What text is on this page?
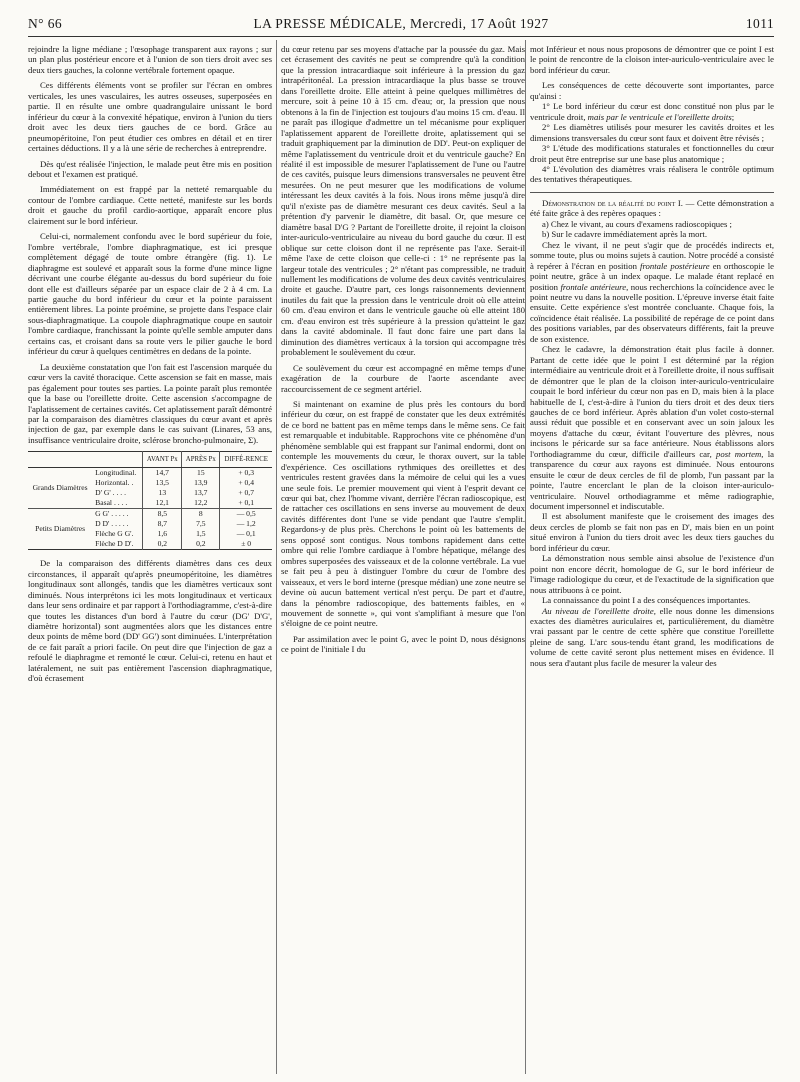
N° 66	LA PRESSE MÉDICALE, Mercredi, 17 Août 1927	1011

rejoindre la ligne médiane ; l'œsophage transparent aux rayons ; sur un plan plus postérieur encore et à l'union de son tiers droit avec ses deux tiers gauches, la colonne vertébrale fortement opaque.

Ces différents éléments vont se profiler sur l'écran en ombres verticales, les unes vasculaires, les autres osseuses, superposées en partie. Il en résulte une ombre quadrangulaire unissant le bord inférieur du cœur à la convexité hépatique, environ à l'union du tiers droit avec les deux tiers gauches de ce bord. Grâce au pneumopéritoine, l'on peut étudier ces ombres en détail et en tirer certaines déductions. Il y a là une série de recherches à entreprendre.

Dès qu'est réalisée l'injection, le malade peut être mis en position debout et l'examen est pratiqué.

Immédiatement on est frappé par la netteté remarquable du contour de l'ombre cardiaque. Cette netteté, manifeste sur les bords droit et gauche du profil cardio-aortique, apparaît encore plus clairement sur le bord inférieur.

Celui-ci, normalement confondu avec le bord supérieur du foie, l'ombre vertébrale, l'ombre diaphragmatique, est ici presque complètement dégagé de toute ombre étrangère (fig. 1). Le diaphragme est soulevé et apparaît sous la forme d'une mince ligne décrivant une courbe élégante au-dessus du bord supérieur du foie dont elle est d'ailleurs séparée par un espace clair de 2 à 4 cm. La partie gauche du bord inférieur du cœur et la pointe paraissent entièrement libres. La pointe proémine, se projette dans l'espace clair sous-diaphragmatique. La coupole diaphragmatique coupe en sautoir l'ombre cardiaque, franchissant la pointe qu'elle semble amputer dans certains cas, et croisant dans sa route vers le pilier gauche le bord inférieur du cœur à quelques centimètres en dedans de la pointe.

La deuxième constatation que l'on fait est l'ascension marquée du cœur vers la cavité thoracique. Cette ascension se fait en masse, mais pas également pour toutes ses parties. La pointe paraît plus remontée que la base ou l'oreillette droite. Cette ascension s'accompagne de l'aplatissement de certaines cavités. Cet aplatissement paraît démontré par la comparaison des diamètres classiques du cœur avant et après injection de gaz, par exemple dans le cas suivant (Linares, 53 ans, insuffisance ventriculaire droite, sclérose broncho-pulmonaire, Σ).

		AVANT Px	APRÈS Px	DIFFÉ-RENCE
Grands Diamètres	Longitudinal.	14,7	15	+ 0,3
	Horizontal. .	13,5	13,9	+ 0,4
	D' G' . . . .	13	13,7	+ 0,7
	Basal . . . .	12,1	12,2	+ 0,1
Petits Diamètres	G G' . . . . .	8,5	8	— 0,5
	D D' . . . . .	8,7	7,5	— 1,2
	Flèche G G'.	1,6	1,5	— 0,1
	Flèche D D'.	0,2	0,2	± 0

De la comparaison des différents diamètres dans ces deux circonstances, il apparaît qu'après pneumopéritoine, les diamètres longitudinaux sont allongés, tandis que les diamètres verticaux sont diminués. Nous interprétons ici les mots longitudinaux et verticaux dans leur sens ordinaire et par rapport à l'orthodiagramme, c'est-à-dire que toutes les distances d'un bord à l'autre du cœur (DG' D'G', diamètre horizontal) sont augmentées alors que les distances entre deux points de même bord (DD' GG') sont diminuées. L'interprétation de ce fait paraît a priori facile. On peut dire que l'injection de gaz a refoulé le diaphragme et remonté le cœur. Celui-ci, retenu en haut et latéralement, ne suit pas entièrement l'ascension diaphragmatique, d'où écrasement

du cœur retenu par ses moyens d'attache par la poussée du gaz. Mais cet écrasement des cavités ne peut se comprendre qu'à la condition que la pression intracardiaque soit inférieure à la pression du gaz intrapéritonéal. La pression intracardiaque la plus basse se trouve dans l'oreillette droite. Elle atteint à peine quelques millimètres de mercure, soit à peine 10 à 15 cm. d'eau; or, la pression que nous obtenons à la fin de l'injection est toujours d'au moins 15 cm. d'eau. Il ne paraît pas illogique d'admettre un tel mécanisme pour expliquer l'aplatissement apparent de l'oreillette droite, aplatissement qui se traduit graphiquement par la diminution de DD'. Peut-on expliquer de même l'aplatissement du ventricule droit et du ventricule gauche? En réalité il est impossible de mesurer l'aplatissement de l'une ou l'autre de ces cavités, puisque leurs dimensions transversales ne peuvent être mesurées. On ne peut mesurer que les modifications de volume intéressant les deux cavités à la fois. Nous irons même jusqu'à dire qu'il n'existe pas de diamètre mesurant ces deux cavités. Seul a la prétention d'y parvenir le diamètre, dit basal. Or, que mesure ce diamètre basal D'G ? Partant de l'oreillette droite, il rejoint la cloison inter-auriculo-ventriculaire au niveau du bord gauche du cœur. Il est oblique sur cette cloison dont il ne représente pas l'axe. Serait-il même l'axe de cette cloison que celle-ci : 1° ne représente pas la largeur totale des ventricules ; 2° n'étant pas compressible, ne traduit nullement les modifications de volume des deux cavités ventriculaires droite et gauche. D'autre part, ces longs raisonnements deviennent inutiles du fait que la pression dans le ventricule droit où elle atteint 60 cm. d'eau environ et dans le ventricule gauche où elle atteint 180 cm. d'eau environ est très supérieure à la pression qu'atteint le gaz dans la cavité abdominale. Il faut donc faire une part dans la diminution des diamètres verticaux à la torsion qui accompagne très probablement le soulèvement du cœur.

Ce soulèvement du cœur est accompagné en même temps d'une exagération de la courbure de l'aorte ascendante avec raccourcissement de ce segment artériel.

Si maintenant on examine de plus près les contours du bord inférieur du cœur, on est frappé de constater que les deux extrémités de ce bord ne battent pas en même temps dans le même sens. Ce fait est remarquable et indubitable. Rapprochons vite ce phénomène d'un phénomène semblable qui est frappant sur l'animal endormi, dont on contemple les mouvements du cœur, le thorax ouvert, sur la table d'expérience. Ces oscillations rythmiques des oreillettes et des ventricules restent gravées dans la mémoire de celui qui les a vues une seule fois. Le premier mouvement qui vient à l'esprit devant ce cœur qui bat, chez l'homme vivant, derrière l'écran radioscopique, est de rattacher ces oscillations en sens inverse au mouvement de deux cavités différentes dont l'une se vide pendant que l'autre s'emplit. Regardons-y de plus près. Cherchons le point où les battements de sens opposé sont contigus. Nous tombons rapidement dans cette ombre qui relie l'ombre cardiaque à l'ombre hépatique, mélange des ombres superposées des vaisseaux et de la colonne vertébrale. La vue se fait peu à peu à distinguer l'ombre du cœur de l'ombre des vaisseaux, et vers le bord interne (presque médian) une zone neutre se devine où aucun battement vertical n'est perçu. De part et d'autre, dans la pénombre radioscopique, des battements faibles, en « mouvement de sonnette », qui vont s'amplifiant à mesure que l'on s'éloigne de ce point neutre.

Par assimilation avec le point G, avec le point D, nous désignons ce point de l'initiale I du

mot Inférieur et nous nous proposons de démontrer que ce point I est le point de rencontre de la cloison inter-auriculo-ventriculaire avec le bord inférieur du cœur.

Les conséquences de cette découverte sont importantes, parce qu'ainsi :

1° Le bord inférieur du cœur est donc constitué non plus par le ventricule droit, mais par le ventricule et l'oreillette droits;

2° Les diamètres utilisés pour mesurer les cavités droites et les dimensions transversales du cœur sont faux et doivent être révisés ;

3° L'étude des modifications staturales et fonctionnelles du cœur droit peut être entreprise sur une base plus anatomique ;

4° L'évolution des diamètres vrais réalisera le contrôle optimum des tentatives thérapeutiques.

Démonstration de la réalité du point I. — Cette démonstration a été faite grâce à des repères opaques :

a) Chez le vivant, au cours d'examens radioscopiques ;

b) Sur le cadavre immédiatement après la mort.

Chez le vivant, il ne peut s'agir que de procédés indirects et, somme toute, plus ou moins sujets à caution. Notre procédé a consisté à repérer à l'écran en position frontale postérieure en orthoscopie le point neutre, grâce à un index opaque. Le malade étant replacé en position frontale antérieure, nous recherchions la coïncidence avec le point neutre vu dans la nouvelle position. L'épreuve inverse était faite ensuite. Cette expérience s'est montrée concluante. Chaque fois, la coïncidence était réalisée. La possibilité de repérage de ce point dans des positions variables, par des observateurs différents, fait la preuve de son existence.

Chez le cadavre, la démonstration était plus facile à donner. Partant de cette idée que le point I est déterminé par la région intermédiaire au ventricule droit et à l'oreillette droite, il nous suffisait de démontrer que le plan de la cloison inter-auriculo-ventriculaire coupait le bord inférieur du cœur non pas en D, mais bien à la place habituelle de I, c'est-à-dire à l'union du tiers droit et des deux tiers gauches de ce bord inférieur. Après ablation d'un volet costo-sternal aussi réduit que possible et en conservant avec un soin jaloux les moyens d'attache du cœur, évitant l'ouverture des plèvres, nous incisons le péricarde sur sa face antérieure. Nous établissons alors l'orthodiagramme du cœur, difficile d'ailleurs car, post mortem, la transparence du cœur aux rayons est diminuée. Nous entourons ensuite le cœur de deux cercles de fil de plomb, l'un passant par la pointe, l'autre encerclant le plan de la cloison inter-auriculo-ventriculaire. Nouvel orthodiagramme et même radiographie, document impersonnel et indiscutable.

Il est absolument manifeste que le croisement des images des deux cercles de plomb se fait non pas en D', mais bien en un point situé environ à l'union du tiers droit avec les deux tiers gauches du bord inférieur du cœur.

La démonstration nous semble ainsi absolue de l'existence d'un point non encore décrit, homologue de G, sur le bord inférieur de l'image radiologique du cœur, et de l'exactitude de la signification que nous attribuons à ce point.

La connaissance du point I a des conséquences importantes.

Au niveau de l'oreillette droite, elle nous donne les dimensions exactes des diamètres auriculaires et, particulièrement, du diamètre vrai passant par le centre de cette sphère que constitue l'oreillette pleine de sang. L'arc sous-tendu étant grand, les modifications de volume de cette cavité seront plus nettement mises en évidence. Il nous sera d'autant plus facile de mesurer la valeur des
